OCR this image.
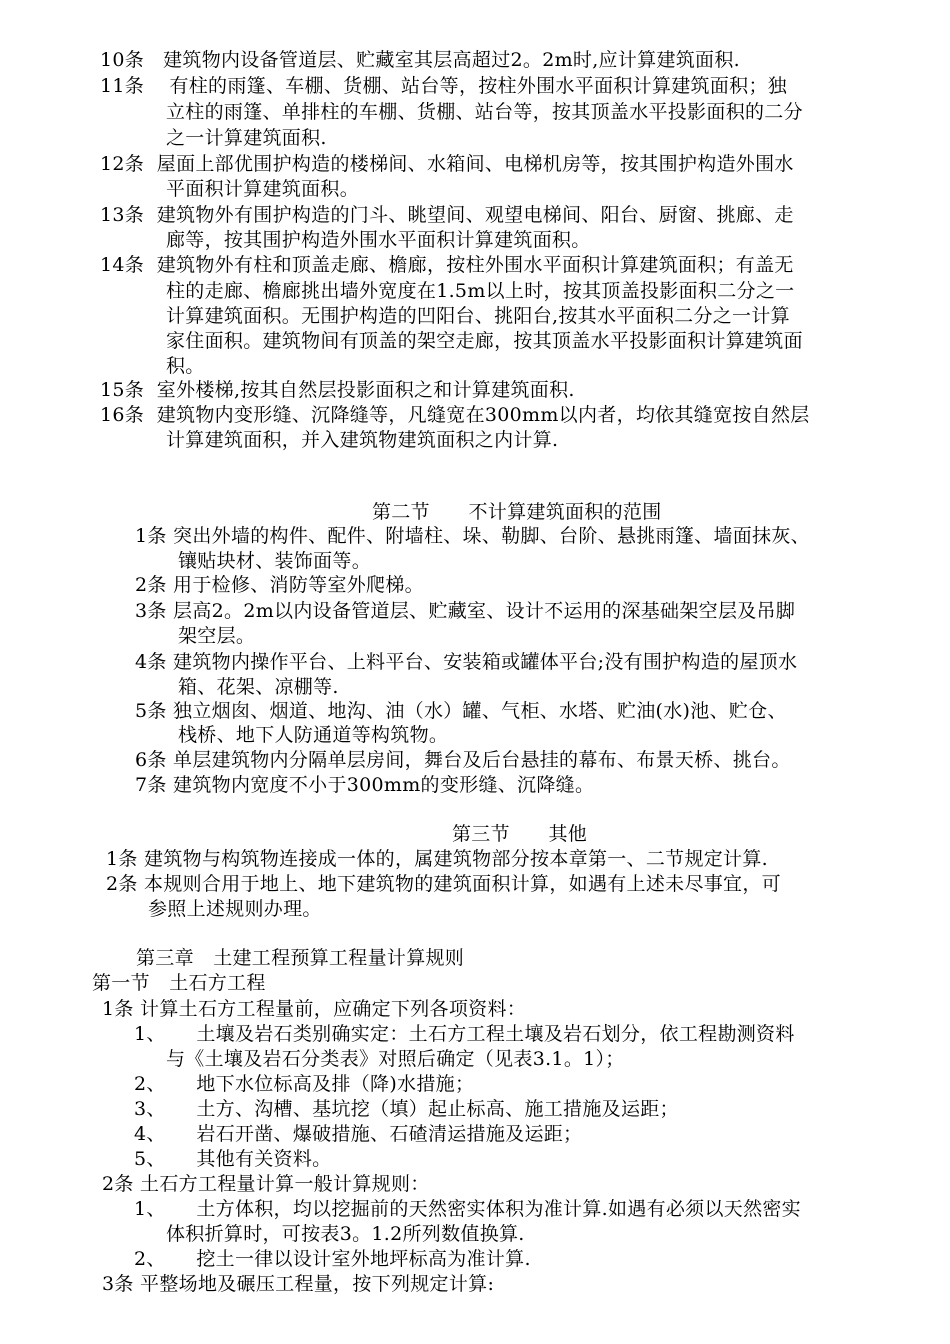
10条 建筑物内设备管道层、贮藏室其层高超过2。2m时,应计算建筑面积.
11条 有柱的雨篷、车棚、货棚、站台等，按柱外围水平面积计算建筑面积；独
立柱的雨篷、单排柱的车棚、货棚、站台等，按其顶盖水平投影面积的二分
之一计算建筑面积.
12条 屋面上部优围护构造的楼梯间、水箱间、电梯机房等，按其围护构造外围水
平面积计算建筑面积。
13条 建筑物外有围护构造的门斗、眺望间、观望电梯间、阳台、厨窗、挑廊、走
廊等，按其围护构造外围水平面积计算建筑面积。
14条 建筑物外有柱和顶盖走廊、檐廊，按柱外围水平面积计算建筑面积；有盖无
柱的走廊、檐廊挑出墙外宽度在1.5m以上时，按其顶盖投影面积二分之一
计算建筑面积。无围护构造的凹阳台、挑阳台,按其水平面积二分之一计算
家住面积。建筑物间有顶盖的架空走廊，按其顶盖水平投影面积计算建筑面
积。
15条 室外楼梯,按其自然层投影面积之和计算建筑面积.
16条 建筑物内变形缝、沉降缝等，凡缝宽在300mm以内者，均依其缝宽按自然层
计算建筑面积，并入建筑物建筑面积之内计算.
第二节　　不计算建筑面积的范围
1条 突出外墙的构件、配件、附墙柱、垛、勒脚、台阶、悬挑雨篷、墙面抹灰、
镶贴块材、装饰面等。
2条 用于检修、消防等室外爬梯。
3条 层高2。2m以内设备管道层、贮藏室、设计不运用的深基础架空层及吊脚
架空层。
4条 建筑物内操作平台、上料平台、安装箱或罐体平台;没有围护构造的屋顶水
箱、花架、凉棚等.
5条 独立烟囱、烟道、地沟、油（水）罐、气柜、水塔、贮油(水)池、贮仓、
栈桥、地下人防通道等构筑物。
6条 单层建筑物内分隔单层房间，舞台及后台悬挂的幕布、布景天桥、挑台。
7条 建筑物内宽度不小于300mm的变形缝、沉降缝。
第三节　　其他
1条 建筑物与构筑物连接成一体的，属建筑物部分按本章第一、二节规定计算.
2条 本规则合用于地上、地下建筑物的建筑面积计算，如遇有上述未尽事宜，可
参照上述规则办理。
第三章　土建工程预算工程量计算规则
第一节　土石方工程
1条 计算土石方工程量前，应确定下列各项资料：
1、 土壤及岩石类别确实定：土石方工程土壤及岩石划分，依工程勘测资料
与《土壤及岩石分类表》对照后确定（见表3.1。1）；
2、 地下水位标高及排（降)水措施；
3、 土方、沟槽、基坑挖（填）起止标高、施工措施及运距；
4、 岩石开凿、爆破措施、石碴清运措施及运距；
5、 其他有关资料。
2条 土石方工程量计算一般计算规则：
1、 土方体积，均以挖掘前的天然密实体积为准计算.如遇有必须以天然密实
体积折算时，可按表3。1.2所列数值换算.
2、 挖土一律以设计室外地坪标高为准计算.
3条 平整场地及碾压工程量，按下列规定计算:
